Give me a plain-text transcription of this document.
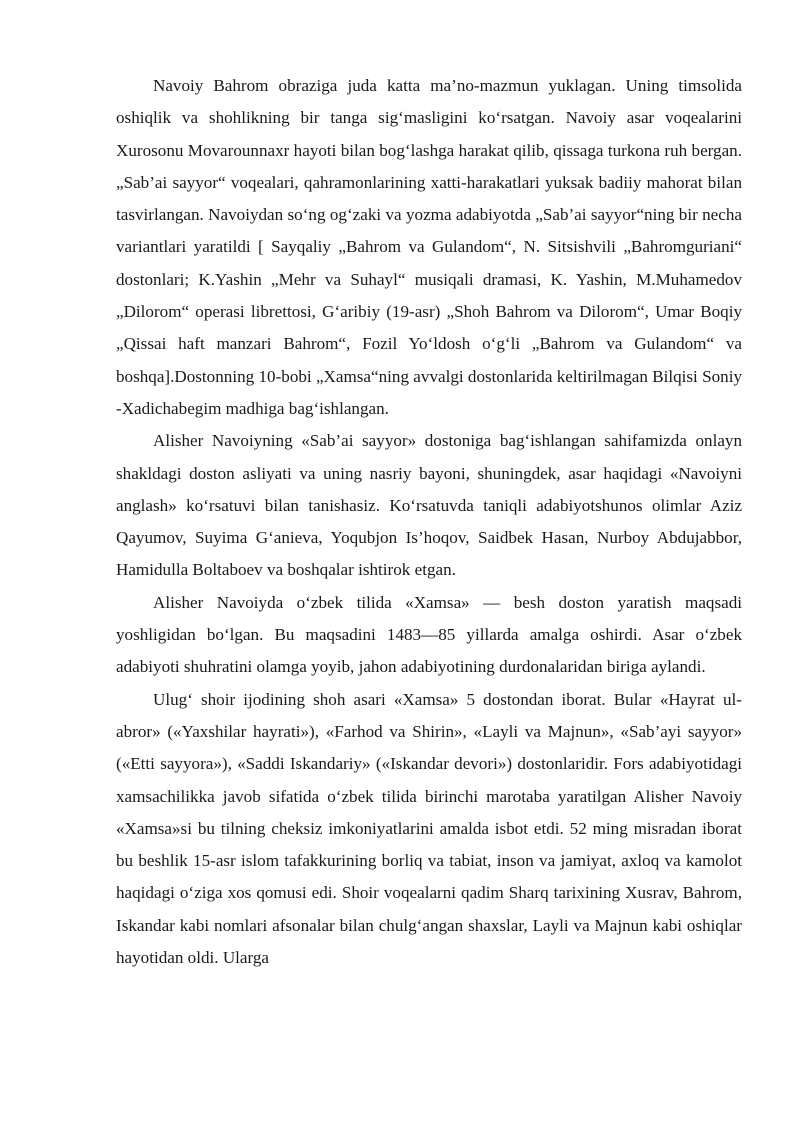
Navoiy Bahrom obraziga juda katta ma’no-mazmun yuklagan. Uning timsolida oshiqlik va shohlikning bir tanga sig‘masligini ko‘rsatgan. Navoiy asar voqealarini Xurosonu Movarounnaxr hayoti bilan bog‘lashga harakat qilib, qissaga turkona ruh bergan. „Sab’ai sayyor“ voqealari, qahramonlarining xatti-harakatlari yuksak badiiy mahorat bilan tasvirlangan. Navoiydan so‘ng og‘zaki va yozma adabiyotda „Sab’ai sayyor“ning bir necha variantlari yaratildi [ Sayqaliy „Bahrom va Gulandom“, N. Sitsishvili „Bahromguriani“ dostonlari; K.Yashin „Mehr va Suhayl“ musiqali dramasi, K. Yashin, M.Muhamedov „Dilorom“ operasi librettosi, G‘aribiy (19-asr) „Shoh Bahrom va Dilorom“, Umar Boqiy „Qissai haft manzari Bahrom“, Fozil Yo‘ldosh o‘g‘li „Bahrom va Gulandom“ va boshqa].Dostonning 10-bobi „Xamsa“ning avvalgi dostonlarida keltirilmagan Bilqisi Soniy -Xadichabegim madhiga bag‘ishlangan.

Alisher Navoiyning «Sab’ai sayyor» dostoniga bag‘ishlangan sahifamizda onlayn shakldagi doston asliyati va uning nasriy bayoni, shuningdek, asar haqidagi «Navoiyni anglash» ko‘rsatuvi bilan tanishasiz. Ko‘rsatuvda taniqli adabiyotshunos olimlar Aziz Qayumov, Suyima G‘anieva, Yoqubjon Is’hoqov, Saidbek Hasan, Nurboy Abdujabbor, Hamidulla Boltaboev va boshqalar ishtirok etgan.

Alisher Navoiyda o‘zbek tilida «Xamsa» — besh doston yaratish maqsadi yoshligidan bo‘lgan. Bu maqsadini 1483—85 yillarda amalga oshirdi. Asar o‘zbek adabiyoti shuhratini olamga yoyib, jahon adabiyotining durdonalaridan biriga aylandi.

Ulug‘ shoir ijodining shoh asari «Xamsa» 5 dostondan iborat. Bular «Hayrat ul-abror» («Yaxshilar hayrati»), «Farhod va Shirin», «Layli va Majnun», «Sab’ayi sayyor» («Etti sayyora»), «Saddi Iskandariy» («Iskandar devori») dostonlaridir. Fors adabiyotidagi xamsachilikka javob sifatida o‘zbek tilida birinchi marotaba yaratilgan Alisher Navoiy «Xamsa»si bu tilning cheksiz imkoniyatlarini amalda isbot etdi. 52 ming misradan iborat bu beshlik 15-asr islom tafakkurining borliq va tabiat, inson va jamiyat, axloq va kamolot haqidagi o‘ziga xos qomusi edi. Shoir voqealarni qadim Sharq tarixining Xusrav, Bahrom, Iskandar kabi nomlari afsonalar bilan chulg‘angan shaxslar, Layli va Majnun kabi oshiqlar hayotidan oldi. Ularga
